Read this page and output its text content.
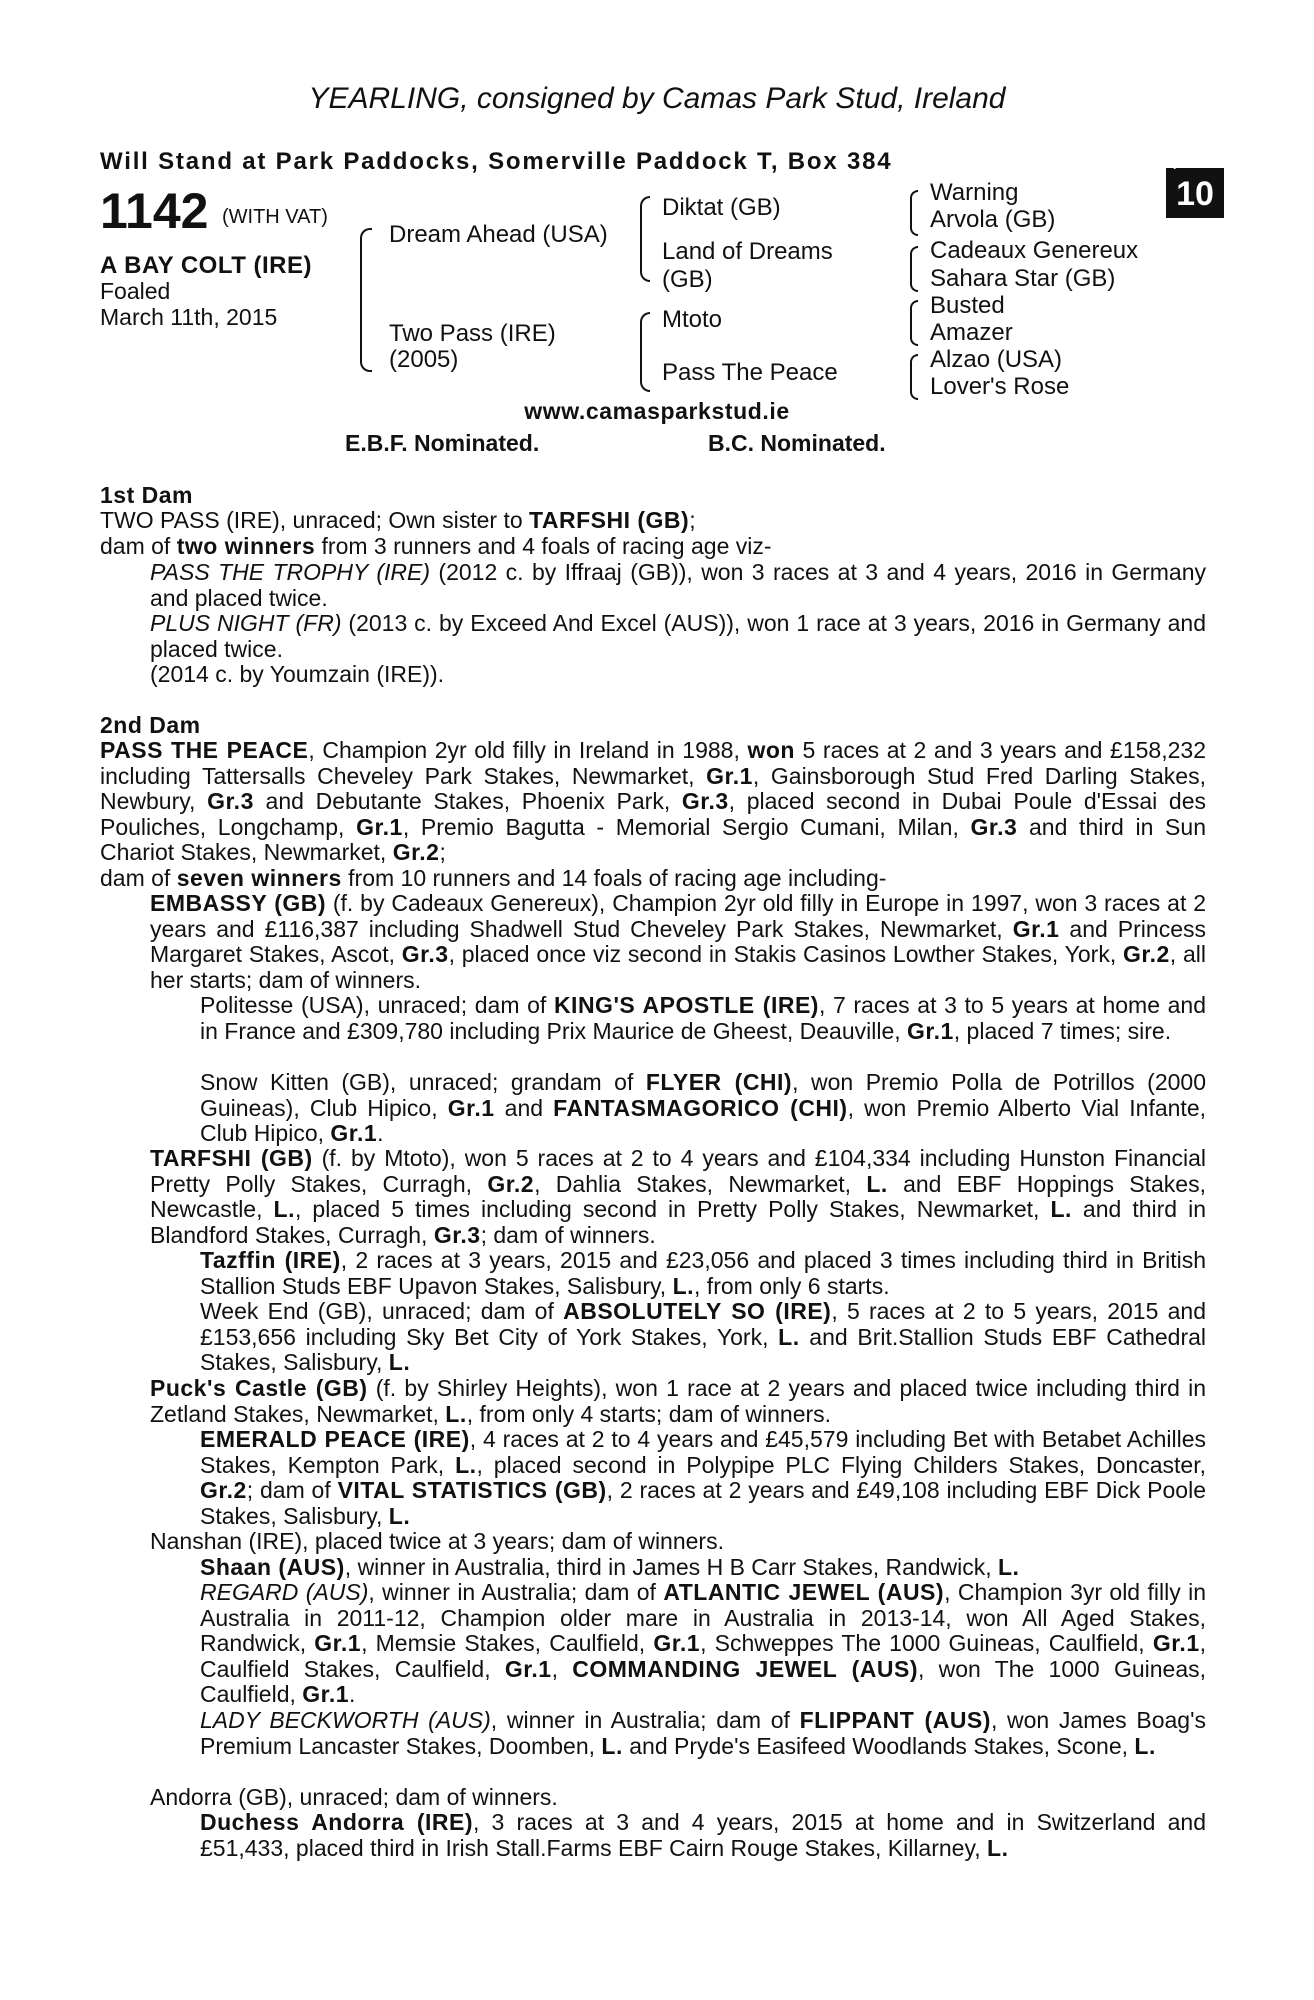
YEARLING, consigned by Camas Park Stud, Ireland
Will Stand at Park Paddocks, Somerville Paddock T, Box 384	+
10
1142 (WITH VAT)
A BAY COLT (IRE)
Foaled
March 11th, 2015
Dream Ahead (USA)
Two Pass (IRE)
(2005)
Diktat (GB)
Land of Dreams
(GB)
Mtoto
Pass The Peace
Warning
Arvola (GB)
Cadeaux Genereux
Sahara Star (GB)
Busted
Amazer
Alzao (USA)
Lover's Rose
www.camasparkstud.ie
E.B.F. Nominated.	B.C. Nominated.
1st Dam
TWO PASS (IRE), unraced; Own sister to TARFSHI (GB);
dam of two winners from 3 runners and 4 foals of racing age viz-
PASS THE TROPHY (IRE) (2012 c. by Iffraaj (GB)), won 3 races at 3 and 4 years, 2016 in Germany and placed twice.
PLUS NIGHT (FR) (2013 c. by Exceed And Excel (AUS)), won 1 race at 3 years, 2016 in Germany and placed twice.
(2014 c. by Youmzain (IRE)).
2nd Dam
PASS THE PEACE, Champion 2yr old filly in Ireland in 1988, won 5 races at 2 and 3 years and £158,232 including Tattersalls Cheveley Park Stakes, Newmarket, Gr.1, Gainsborough Stud Fred Darling Stakes, Newbury, Gr.3 and Debutante Stakes, Phoenix Park, Gr.3, placed second in Dubai Poule d'Essai des Pouliches, Longchamp, Gr.1, Premio Bagutta - Memorial Sergio Cumani, Milan, Gr.3 and third in Sun Chariot Stakes, Newmarket, Gr.2;
dam of seven winners from 10 runners and 14 foals of racing age including-
EMBASSY (GB) (f. by Cadeaux Genereux), Champion 2yr old filly in Europe in 1997, won 3 races at 2 years and £116,387 including Shadwell Stud Cheveley Park Stakes, Newmarket, Gr.1 and Princess Margaret Stakes, Ascot, Gr.3, placed once viz second in Stakis Casinos Lowther Stakes, York, Gr.2, all her starts; dam of winners.
Politesse (USA), unraced; dam of KING'S APOSTLE (IRE), 7 races at 3 to 5 years at home and in France and £309,780 including Prix Maurice de Gheest, Deauville, Gr.1, placed 7 times; sire.
Snow Kitten (GB), unraced; grandam of FLYER (CHI), won Premio Polla de Potrillos (2000 Guineas), Club Hipico, Gr.1 and FANTASMAGORICO (CHI), won Premio Alberto Vial Infante, Club Hipico, Gr.1.
TARFSHI (GB) (f. by Mtoto), won 5 races at 2 to 4 years and £104,334 including Hunston Financial Pretty Polly Stakes, Curragh, Gr.2, Dahlia Stakes, Newmarket, L. and EBF Hoppings Stakes, Newcastle, L., placed 5 times including second in Pretty Polly Stakes, Newmarket, L. and third in Blandford Stakes, Curragh, Gr.3; dam of winners.
Tazffin (IRE), 2 races at 3 years, 2015 and £23,056 and placed 3 times including third in British Stallion Studs EBF Upavon Stakes, Salisbury, L., from only 6 starts.
Week End (GB), unraced; dam of ABSOLUTELY SO (IRE), 5 races at 2 to 5 years, 2015 and £153,656 including Sky Bet City of York Stakes, York, L. and Brit.Stallion Studs EBF Cathedral Stakes, Salisbury, L.
Puck's Castle (GB) (f. by Shirley Heights), won 1 race at 2 years and placed twice including third in Zetland Stakes, Newmarket, L., from only 4 starts; dam of winners.
EMERALD PEACE (IRE), 4 races at 2 to 4 years and £45,579 including Bet with Betabet Achilles Stakes, Kempton Park, L., placed second in Polypipe PLC Flying Childers Stakes, Doncaster, Gr.2; dam of VITAL STATISTICS (GB), 2 races at 2 years and £49,108 including EBF Dick Poole Stakes, Salisbury, L.
Nanshan (IRE), placed twice at 3 years; dam of winners.
Shaan (AUS), winner in Australia, third in James H B Carr Stakes, Randwick, L.
REGARD (AUS), winner in Australia; dam of ATLANTIC JEWEL (AUS), Champion 3yr old filly in Australia in 2011-12, Champion older mare in Australia in 2013-14, won All Aged Stakes, Randwick, Gr.1, Memsie Stakes, Caulfield, Gr.1, Schweppes The 1000 Guineas, Caulfield, Gr.1, Caulfield Stakes, Caulfield, Gr.1, COMMANDING JEWEL (AUS), won The 1000 Guineas, Caulfield, Gr.1.
LADY BECKWORTH (AUS), winner in Australia; dam of FLIPPANT (AUS), won James Boag's Premium Lancaster Stakes, Doomben, L. and Pryde's Easifeed Woodlands Stakes, Scone, L.
Andorra (GB), unraced; dam of winners.
Duchess Andorra (IRE), 3 races at 3 and 4 years, 2015 at home and in Switzerland and £51,433, placed third in Irish Stall.Farms EBF Cairn Rouge Stakes, Killarney, L.
